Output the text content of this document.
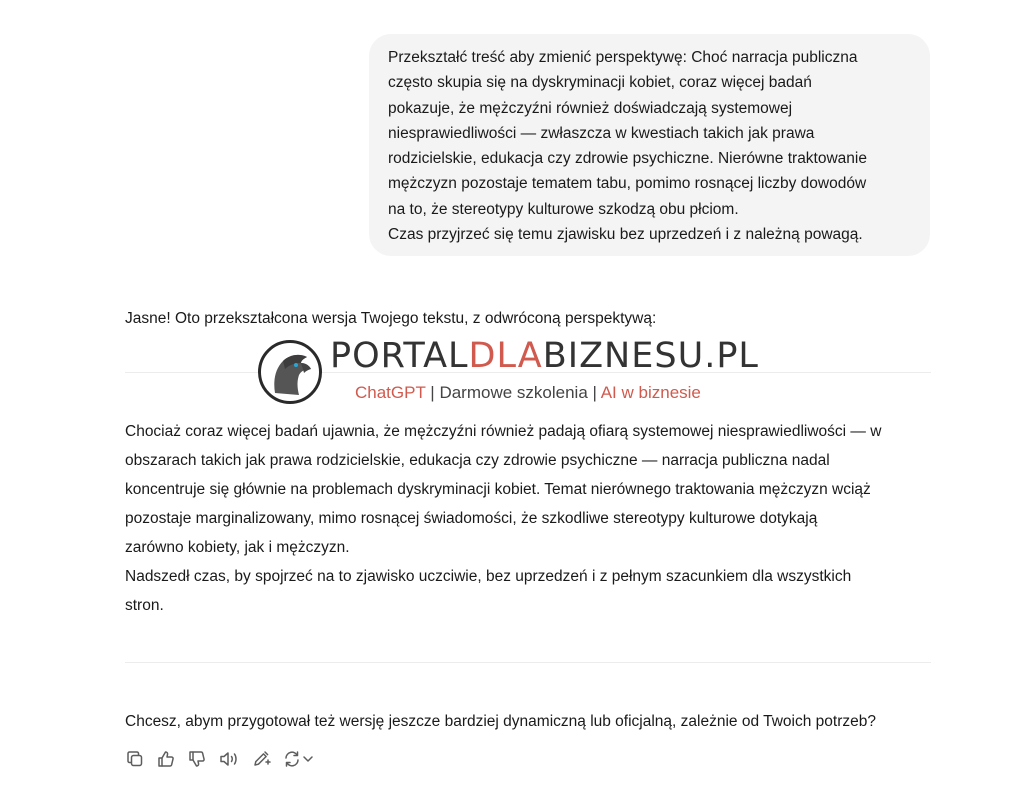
Przekształć treść aby zmienić perspektywę: Choć narracja publiczna

często skupia się na dyskryminacji kobiet, coraz więcej badań

pokazuje, że mężczyźni również doświadczają systemowej

niesprawiedliwości — zwłaszcza w kwestiach takich jak prawa

rodzicielskie, edukacja czy zdrowie psychiczne. Nierówne traktowanie

mężczyzn pozostaje tematem tabu, pomimo rosnącej liczby dowodów

na to, że stereotypy kulturowe szkodzą obu płciom.

Czas przyjrzeć się temu zjawisku bez uprzedzeń i z należną powagą.

Jasne! Oto przekształcona wersja Twojego tekstu, z odwróconą perspektywą:

PORTALDLABIZNESU.PL
ChatGPT | Darmowe szkolenia | AI w biznesie

Chociaż coraz więcej badań ujawnia, że mężczyźni również padają ofiarą systemowej niesprawiedliwości — w

obszarach takich jak prawa rodzicielskie, edukacja czy zdrowie psychiczne — narracja publiczna nadal

koncentruje się głównie na problemach dyskryminacji kobiet. Temat nierównego traktowania mężczyzn wciąż

pozostaje marginalizowany, mimo rosnącej świadomości, że szkodliwe stereotypy kulturowe dotykają

zarówno kobiety, jak i mężczyzn.

Nadszedł czas, by spojrzeć na to zjawisko uczciwie, bez uprzedzeń i z pełnym szacunkiem dla wszystkich

stron.

Chcesz, abym przygotował też wersję jeszcze bardziej dynamiczną lub oficjalną, zależnie od Twoich potrzeb?
